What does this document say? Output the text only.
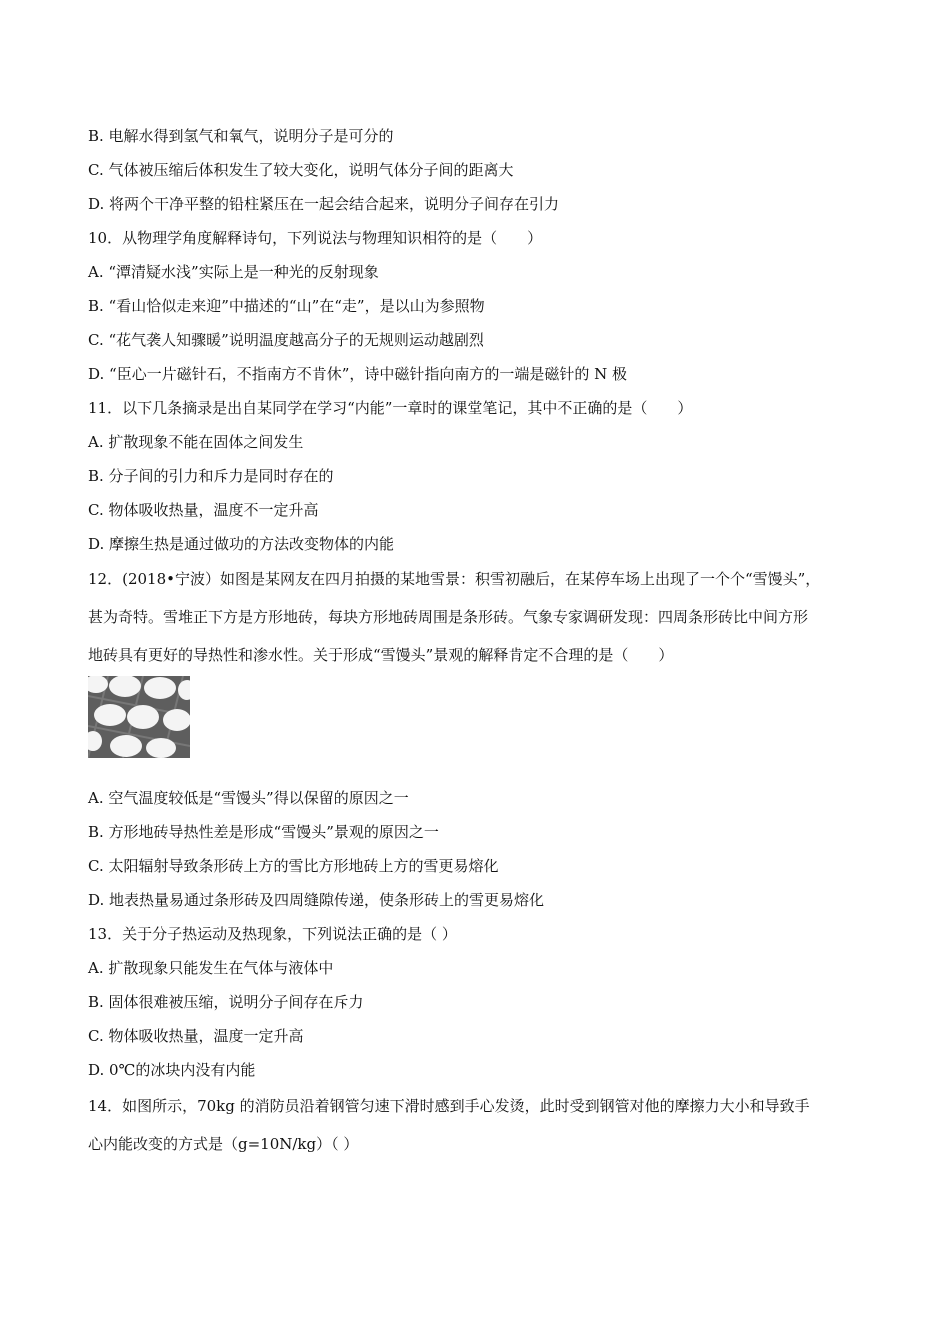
B. 电解水得到氢气和氧气，说明分子是可分的
C. 气体被压缩后体积发生了较大变化，说明气体分子间的距离大
D. 将两个干净平整的铅柱紧压在一起会结合起来，说明分子间存在引力
10．从物理学角度解释诗句，下列说法与物理知识相符的是（　　）
A. “潭清疑水浅”实际上是一种光的反射现象
B. “看山恰似走来迎”中描述的“山”在“走”，是以山为参照物
C. “花气袭人知骤暖”说明温度越高分子的无规则运动越剧烈
D. “臣心一片磁针石，不指南方不肯休”，诗中磁针指向南方的一端是磁针的 N 极
11．以下几条摘录是出自某同学在学习“内能”一章时的课堂笔记，其中不正确的是（　　）
A. 扩散现象不能在固体之间发生
B. 分子间的引力和斥力是同时存在的
C. 物体吸收热量，温度不一定升高
D. 摩擦生热是通过做功的方法改变物体的内能
12．(2018•宁波）如图是某网友在四月拍摄的某地雪景：积雪初融后，在某停车场上出现了一个个“雪馒头”，
甚为奇特。雪堆正下方是方形地砖，每块方形地砖周围是条形砖。气象专家调研发现：四周条形砖比中间方形
地砖具有更好的导热性和渗水性。关于形成“雪馒头”景观的解释肯定不合理的是（　　）
A. 空气温度较低是“雪馒头”得以保留的原因之一
B. 方形地砖导热性差是形成“雪馒头”景观的原因之一
C. 太阳辐射导致条形砖上方的雪比方形地砖上方的雪更易熔化
D. 地表热量易通过条形砖及四周缝隙传递，使条形砖上的雪更易熔化
13．关于分子热运动及热现象，下列说法正确的是（ ）
A. 扩散现象只能发生在气体与液体中
B. 固体很难被压缩，说明分子间存在斥力
C. 物体吸收热量，温度一定升高
D. 0℃的冰块内没有内能
14．如图所示，70kg 的消防员沿着钢管匀速下滑时感到手心发烫，此时受到钢管对他的摩擦力大小和导致手
心内能改变的方式是（g=10N/kg）（ ）
